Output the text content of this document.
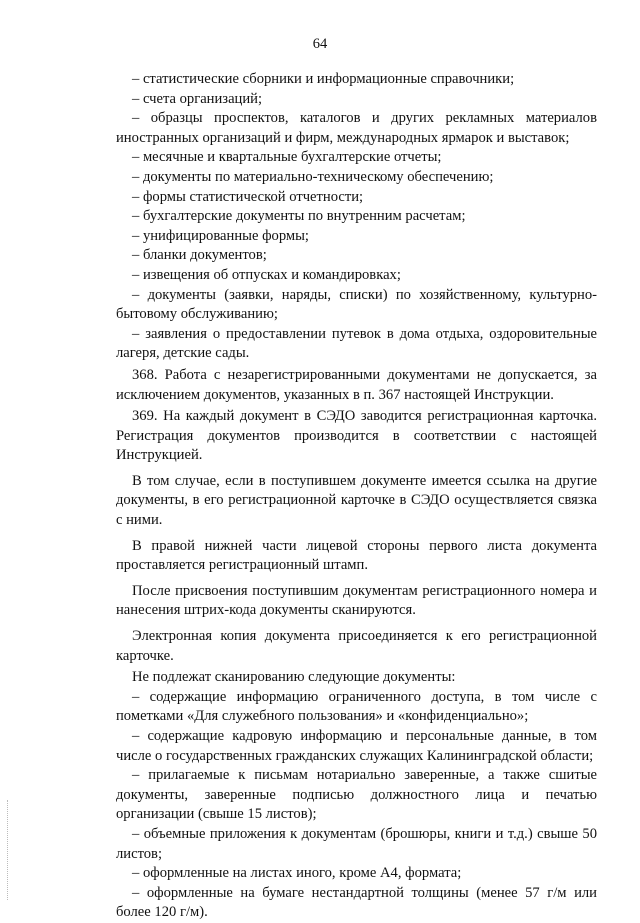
64

– статистические сборники и информационные справочники;

– счета организаций;

– образцы проспектов, каталогов и других рекламных материалов иностранных организаций и фирм, международных ярмарок и выставок;

– месячные и квартальные бухгалтерские отчеты;

– документы по материально-техническому обеспечению;

– формы статистической отчетности;

– бухгалтерские документы по внутренним расчетам;

– унифицированные формы;

– бланки документов;

– извещения об отпусках и командировках;

– документы (заявки, наряды, списки) по хозяйственному, культурно-бытовому обслуживанию;

– заявления о предоставлении путевок в дома отдыха, оздоровительные лагеря, детские сады.

368. Работа с незарегистрированными документами не допускается, за исключением документов, указанных в п. 367 настоящей Инструкции.

369. На каждый документ в СЭДО заводится регистрационная карточка. Регистрация документов производится в соответствии с настоящей Инструкцией.

В том случае, если в поступившем документе имеется ссылка на другие документы, в его регистрационной карточке в СЭДО осуществляется связка с ними.

В правой нижней части лицевой стороны первого листа документа проставляется регистрационный штамп.

После присвоения поступившим документам регистрационного номера и нанесения штрих-кода документы сканируются.

Электронная копия документа присоединяется к его регистрационной карточке.

Не подлежат сканированию следующие документы:

– содержащие информацию ограниченного доступа, в том числе с пометками «Для служебного пользования» и «конфиденциально»;

– содержащие кадровую информацию и персональные данные, в том числе о государственных гражданских служащих Калининградской области;

– прилагаемые к письмам нотариально заверенные, а также сшитые документы, заверенные подписью должностного лица и печатью организации (свыше 15 листов);

– объемные приложения к документам (брошюры, книги и т.д.) свыше 50 листов;

– оформленные на листах иного, кроме А4, формата;

– оформленные на бумаге нестандартной толщины (менее 57 г/м или более 120 г/м).
